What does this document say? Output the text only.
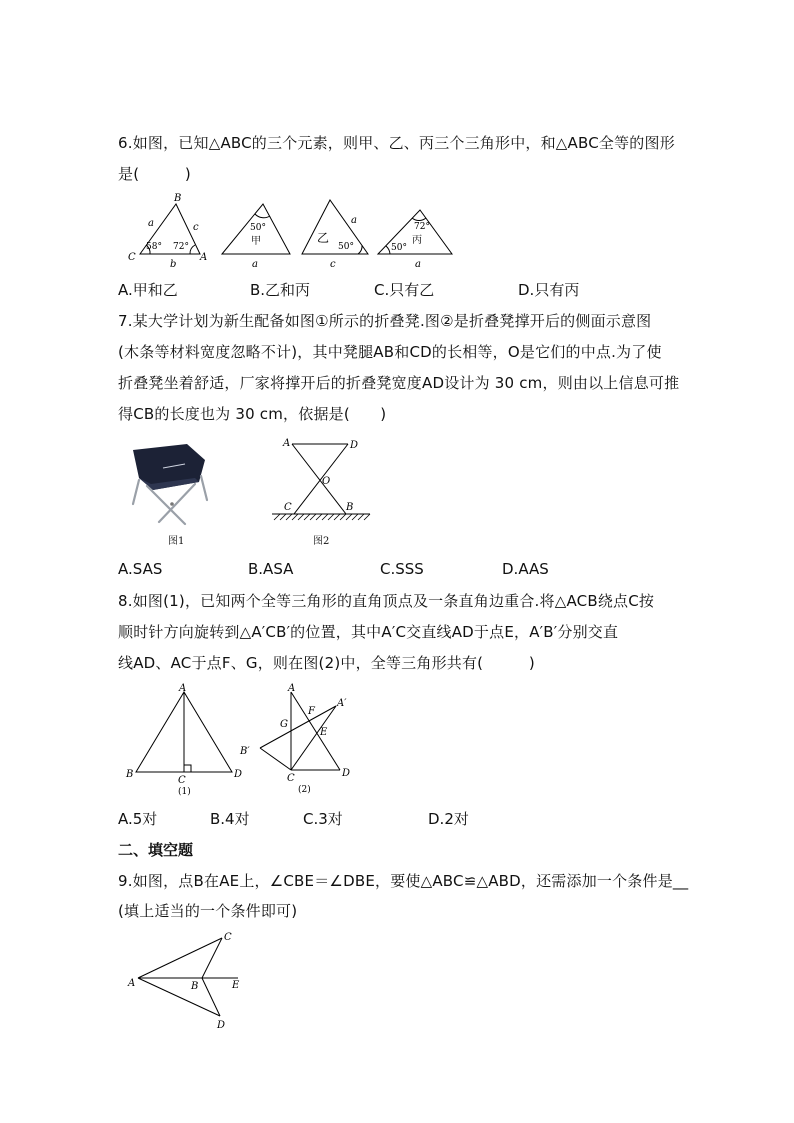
6.如图，已知△ABC的三个元素，则甲、乙、丙三个三角形中，和△ABC全等的图形
是(　　　)
B
C	A
a	c
b
58° 72°
50°
甲
a
乙
50°
a
c
72°
丙
50°
a
A.甲和乙	B.乙和丙	C.只有乙	D.只有丙
7.某大学计划为新生配备如图①所示的折叠凳.图②是折叠凳撑开后的侧面示意图
(木条等材料宽度忽略不计)，其中凳腿AB和CD的长相等，O是它们的中点.为了使
折叠凳坐着舒适，厂家将撑开后的折叠凳宽度AD设计为 30 cm，则由以上信息可推
得CB的长度也为 30 cm，依据是(　　)
图1
A	D
O
C	B
图2
A.SAS	B.ASA	C.SSS	D.AAS
8.如图(1)，已知两个全等三角形的直角顶点及一条直角边重合.将△ACB绕点C按
顺时针方向旋转到△A′CB′的位置，其中A′C交直线AD于点E，A′B′分别交直
线AD、AC于点F、G，则在图(2)中，全等三角形共有(　　　)
A
B
C
D
(1)
A
G
F
A′
E
B′
C	D
(2)
A.5对	B.4对	C.3对	D.2对
二、填空题
9.如图，点B在AE上，∠CBE＝∠DBE，要使△ABC≌△ABD，还需添加一个条件是__
(填上适当的一个条件即可)
A	B
C
D
E
